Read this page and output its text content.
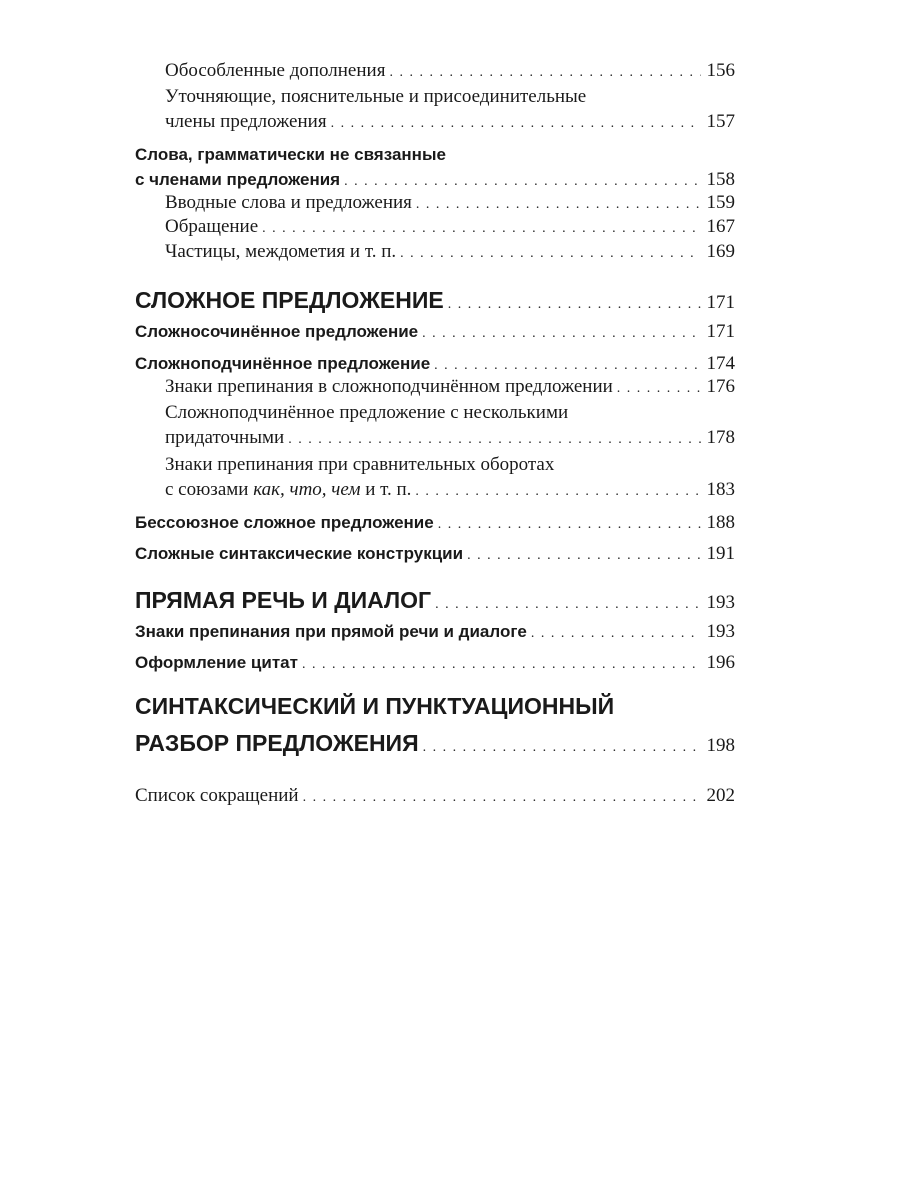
Обособленные дополнения . . .	156
Уточняющие, пояснительные и присоединительные
члены предложения . . .	157
Слова, грамматически не связанные
с членами предложения . . .	158
Вводные слова и предложения . . .	159
Обращение . . .	167
Частицы, междометия и т. п. . . .	169
СЛОЖНОЕ ПРЕДЛОЖЕНИЕ . . .	171
Сложносочинённое предложение . . .	171
Сложноподчинённое предложение . . .	174
Знаки препинания в сложноподчинённом предложении . . .	176
Сложноподчинённое предложение с несколькими
придаточными . . .	178
Знаки препинания при сравнительных оборотах
с союзами как, что, чем и т. п. . . .	183
Бессоюзное сложное предложение . . .	188
Сложные синтаксические конструкции . . .	191
ПРЯМАЯ РЕЧЬ И ДИАЛОГ . . .	193
Знаки препинания при прямой речи и диалоге . . .	193
Оформление цитат . . .	196
СИНТАКСИЧЕСКИЙ И ПУНКТУАЦИОННЫЙ
РАЗБОР ПРЕДЛОЖЕНИЯ . . .	198
Список сокращений . . .	202
